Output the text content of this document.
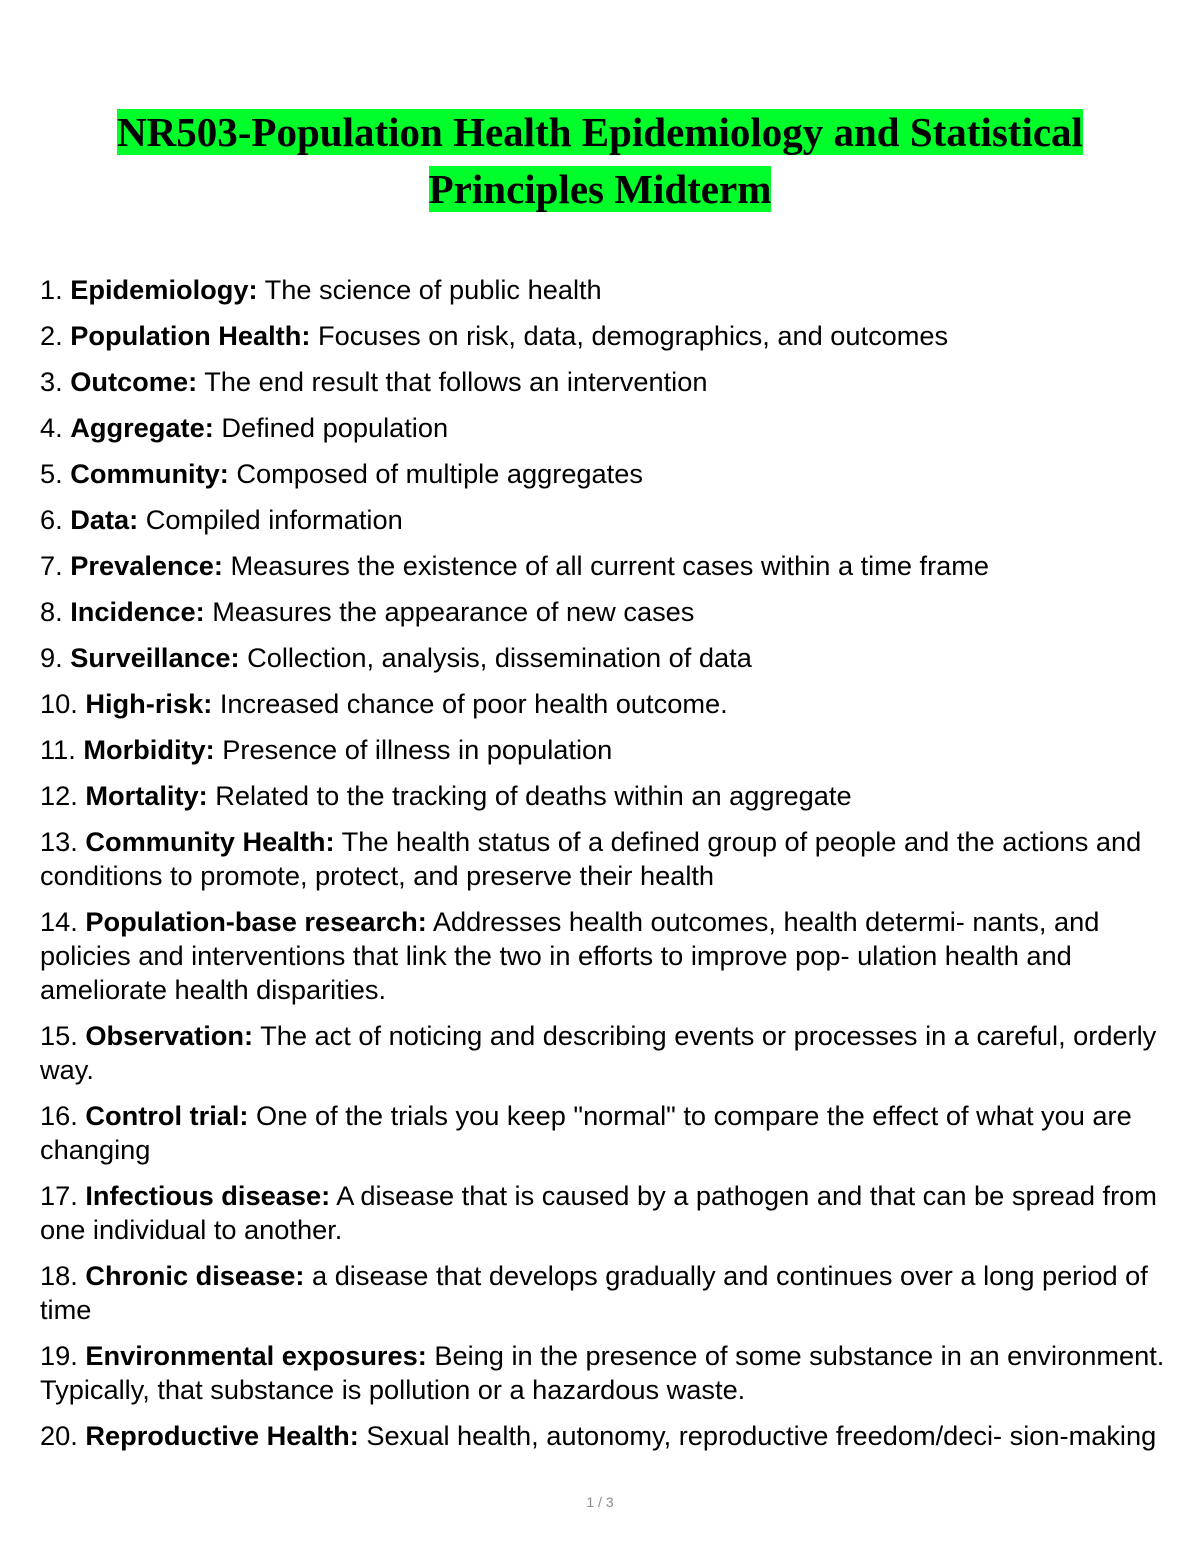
NR503-Population Health Epidemiology and Statistical
Principles Midterm
1. Epidemiology: The science of public health
2. Population Health: Focuses on risk, data, demographics, and outcomes
3. Outcome: The end result that follows an intervention
4. Aggregate: Defined population
5. Community: Composed of multiple aggregates
6. Data: Compiled information
7. Prevalence: Measures the existence of all current cases within a time frame
8. Incidence: Measures the appearance of new cases
9. Surveillance: Collection, analysis, dissemination of data
10. High-risk: Increased chance of poor health outcome.
11. Morbidity: Presence of illness in population
12. Mortality: Related to the tracking of deaths within an aggregate
13. Community Health: The health status of a defined group of people and the actions and conditions to promote, protect, and preserve their health
14. Population-base research: Addresses health outcomes, health determi- nants, and policies and interventions that link the two in efforts to improve pop- ulation health and ameliorate health disparities.
15. Observation: The act of noticing and describing events or processes in a careful, orderly way.
16. Control trial: One of the trials you keep "normal" to compare the effect of what you are changing
17. Infectious disease: A disease that is caused by a pathogen and that can be spread from one individual to another.
18. Chronic disease: a disease that develops gradually and continues over a long period of time
19. Environmental exposures: Being in the presence of some substance in an environment. Typically, that substance is pollution or a hazardous waste.
20. Reproductive Health: Sexual health, autonomy, reproductive freedom/deci- sion-making
1 / 3
